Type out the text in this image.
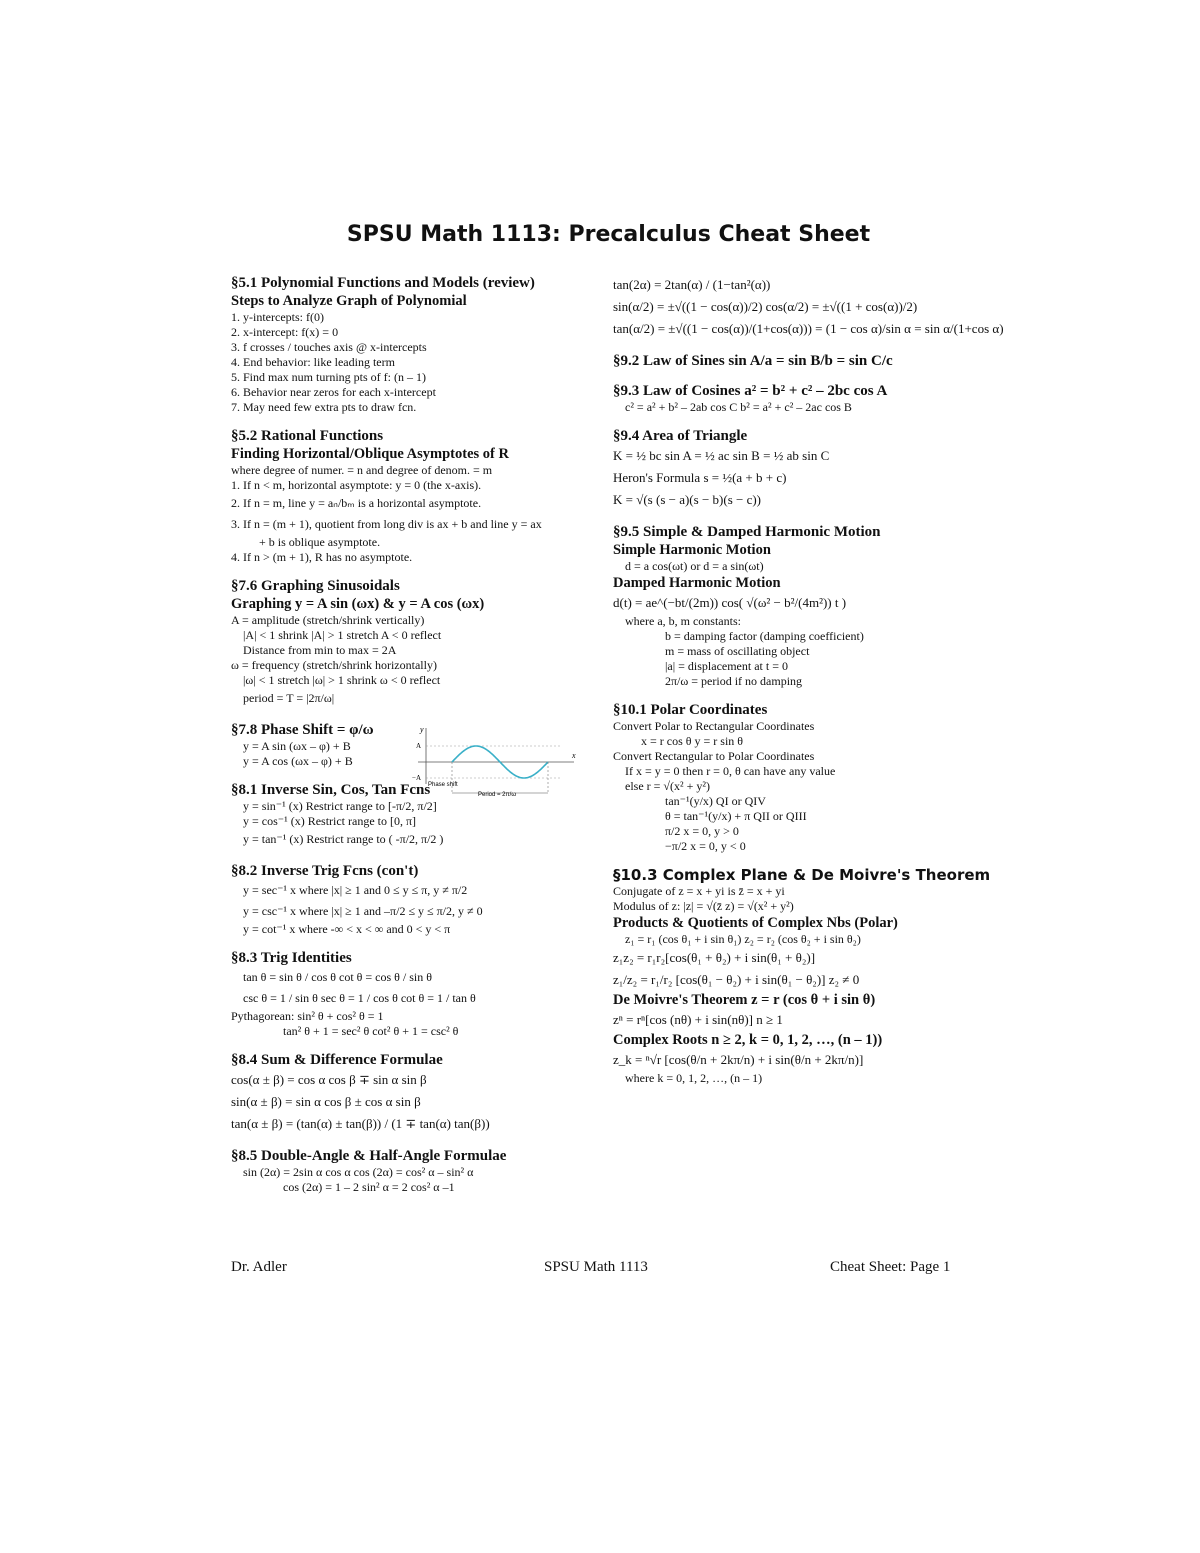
SPSU Math 1113: Precalculus Cheat Sheet
§5.1 Polynomial Functions and Models (review)
Steps to Analyze Graph of Polynomial
1. y-intercepts: f(0)
2. x-intercept: f(x) = 0
3. f crosses / touches axis @ x-intercepts
4. End behavior: like leading term
5. Find max num turning pts of f: (n – 1)
6. Behavior near zeros for each x-intercept
7. May need few extra pts to draw fcn.
§5.2 Rational Functions
Finding Horizontal/Oblique Asymptotes of R
where degree of numer. = n and degree of denom. = m
1. If n < m, horizontal asymptote: y = 0 (the x-axis).
2. If n = m, line y = aₙ/bₘ is a horizontal asymptote.
3. If n = (m + 1), quotient from long div is ax + b and line y = ax
+ b is oblique asymptote.
4. If n > (m + 1), R has no asymptote.
§7.6 Graphing Sinusoidals
Graphing y = A sin (ωx) & y = A cos (ωx)
A = amplitude (stretch/shrink vertically)
|A| < 1 shrink |A| > 1 stretch A < 0 reflect
Distance from min to max = 2A
ω = frequency (stretch/shrink horizontally)
|ω| < 1 stretch |ω| > 1 shrink ω < 0 reflect
period = T = |2π/ω|
§7.8 Phase Shift = φ/ω
y = A sin (ωx – φ) + B
y = A cos (ωx – φ) + B
§8.1 Inverse Sin, Cos, Tan Fcns
y = sin⁻¹ (x) Restrict range to [-π/2, π/2]
y = cos⁻¹ (x) Restrict range to [0, π]
y = tan⁻¹ (x) Restrict range to ( -π/2, π/2 )
§8.2 Inverse Trig Fcns (con't)
y = sec⁻¹ x where |x| ≥ 1 and 0 ≤ y ≤ π, y ≠ π/2
y = csc⁻¹ x where |x| ≥ 1 and –π/2 ≤ y ≤ π/2, y ≠ 0
y = cot⁻¹ x where -∞ < x < ∞ and 0 < y < π
§8.3 Trig Identities
tan θ = sin θ / cos θ cot θ = cos θ / sin θ
csc θ = 1 / sin θ sec θ = 1 / cos θ cot θ = 1 / tan θ
Pythagorean: sin² θ + cos² θ = 1
tan² θ + 1 = sec² θ cot² θ + 1 = csc² θ
§8.4 Sum & Difference Formulae
cos(α ± β) = cos α cos β ∓ sin α sin β
sin(α ± β) = sin α cos β ± cos α sin β
tan(α ± β) = (tan(α) ± tan(β)) / (1 ∓ tan(α) tan(β))
§8.5 Double-Angle & Half-Angle Formulae
sin (2α) = 2sin α cos α cos (2α) = cos² α – sin² α
cos (2α) = 1 – 2 sin² α = 2 cos² α –1
tan(2α) = 2tan(α) / (1−tan²(α))
sin(α/2) = ±√((1 − cos(α))/2) cos(α/2) = ±√((1 + cos(α))/2)
tan(α/2) = ±√((1 − cos(α))/(1+cos(α))) = (1 − cos α)/sin α = sin α/(1+cos α)
§9.2 Law of Sines sin A/a = sin B/b = sin C/c
§9.3 Law of Cosines a² = b² + c² – 2bc cos A
c² = a² + b² – 2ab cos C b² = a² + c² – 2ac cos B
§9.4 Area of Triangle
K = ½ bc sin A = ½ ac sin B = ½ ab sin C
Heron's Formula s = ½(a + b + c)
K = √(s (s − a)(s − b)(s − c))
§9.5 Simple & Damped Harmonic Motion
Simple Harmonic Motion
d = a cos(ωt) or d = a sin(ωt)
Damped Harmonic Motion
d(t) = ae^(−bt/(2m)) cos( √(ω² − b²/(4m²)) t )
where a, b, m constants:
b = damping factor (damping coefficient)
m = mass of oscillating object
|a| = displacement at t = 0
2π/ω = period if no damping
§10.1 Polar Coordinates
Convert Polar to Rectangular Coordinates
x = r cos θ y = r sin θ
Convert Rectangular to Polar Coordinates
If x = y = 0 then r = 0, θ can have any value
else r = √(x² + y²)
tan⁻¹(y/x) QI or QIV
θ = tan⁻¹(y/x) + π QII or QIII
π/2 x = 0, y > 0
−π/2 x = 0, y < 0
§10.3 Complex Plane & De Moivre's Theorem
Conjugate of z = x + yi is z̄ = x + yi
Modulus of z: |z| = √(z̄ z) = √(x² + y²)
Products & Quotients of Complex Nbs (Polar)
z₁ = r₁ (cos θ₁ + i sin θ₁) z₂ = r₂ (cos θ₂ + i sin θ₂)
z₁z₂ = r₁r₂[cos(θ₁ + θ₂) + i sin(θ₁ + θ₂)]
z₁/z₂ = r₁/r₂ [cos(θ₁ − θ₂) + i sin(θ₁ − θ₂)] z₂ ≠ 0
De Moivre's Theorem z = r (cos θ + i sin θ)
zⁿ = rⁿ[cos (nθ) + i sin(nθ)] n ≥ 1
Complex Roots n ≥ 2, k = 0, 1, 2, …, (n – 1))
z_k = ⁿ√r [cos(θ/n + 2kπ/n) + i sin(θ/n + 2kπ/n)]
where k = 0, 1, 2, …, (n – 1)
y
x
A
−A
Phase shift
Period = 2π/ω
Dr. Adler	SPSU Math 1113	Cheat Sheet: Page 1
